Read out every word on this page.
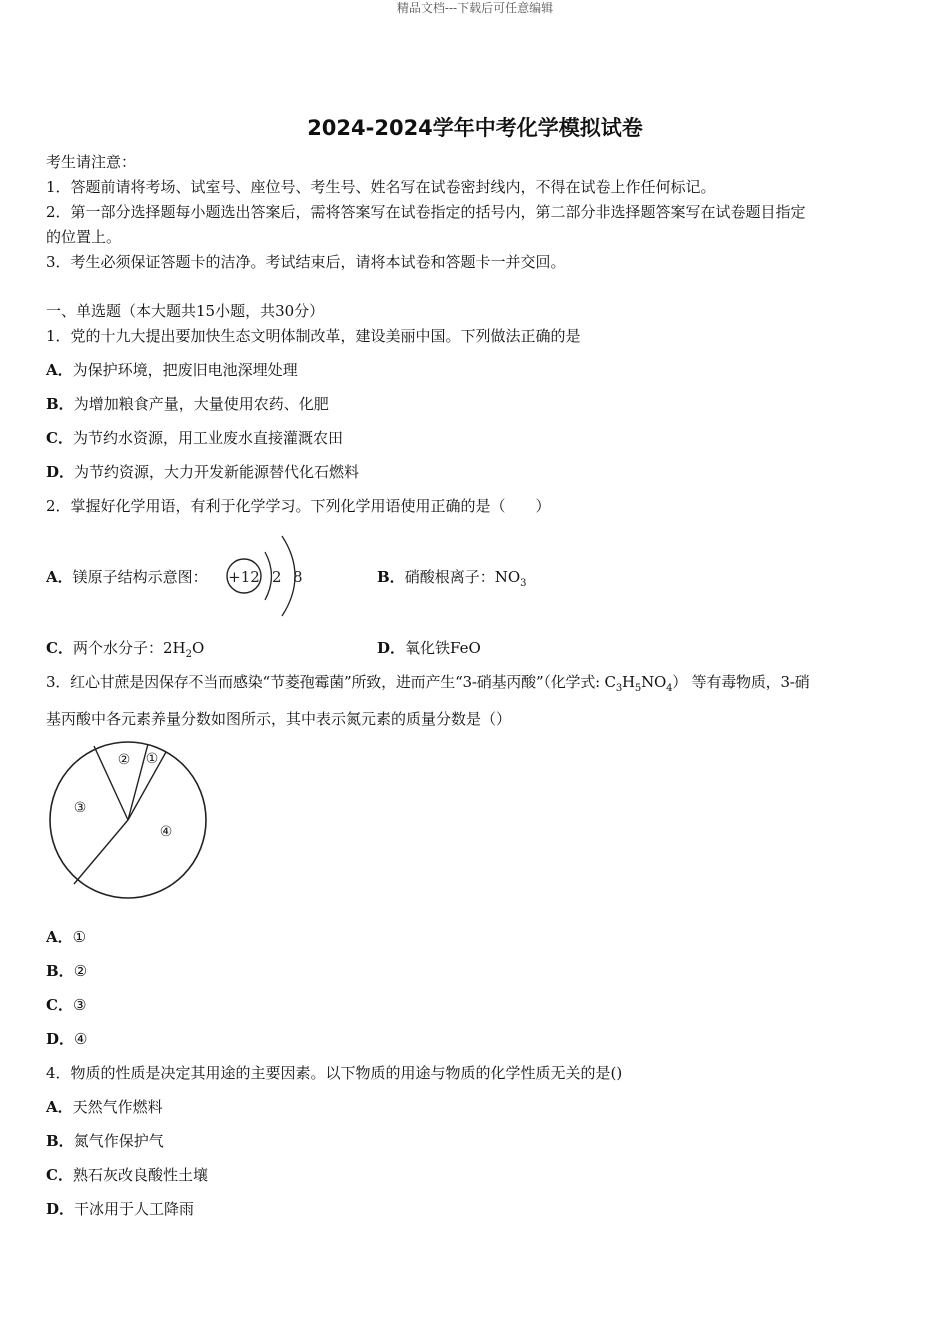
精品文档---下载后可任意编辑
2024-2024学年中考化学模拟试卷
考生请注意：
1．答题前请将考场、试室号、座位号、考生号、姓名写在试卷密封线内，不得在试卷上作任何标记。
2．第一部分选择题每小题选出答案后，需将答案写在试卷指定的括号内，第二部分非选择题答案写在试卷题目指定
的位置上。
3．考生必须保证答题卡的洁净。考试结束后，请将本试卷和答题卡一并交回。
一、单选题（本大题共15小题，共30分）
1．党的十九大提出要加快生态文明体制改革，建设美丽中国。下列做法正确的是
A．为保护环境，把废旧电池深埋处理
B．为增加粮食产量，大量使用农药、化肥
C．为节约水资源，用工业废水直接灌溉农田
D．为节约资源，大力开发新能源替代化石燃料
2．掌握好化学用语，有利于化学学习。下列化学用语使用正确的是（　　）
A．镁原子结构示意图： +12 2 8	B．硝酸根离子：$NO_3$
C．两个水分子：$2H_2O$	D．氧化铁FeO
3．红心甘蔗是因保存不当而感染“节菱孢霉菌”所致，进而产生“3-硝基丙酸”（化学式: $C_3H_5NO_4$） 等有毒物质，3-硝
基丙酸中各元素养量分数如图所示，其中表示氮元素的质量分数是（）
② ①
③
④
A．①
B．②
C．③
D．④
4．物质的性质是决定其用途的主要因素。以下物质的用途与物质的化学性质无关的是()
A．天然气作燃料
B．氮气作保护气
C．熟石灰改良酸性土壤
D．干冰用于人工降雨
